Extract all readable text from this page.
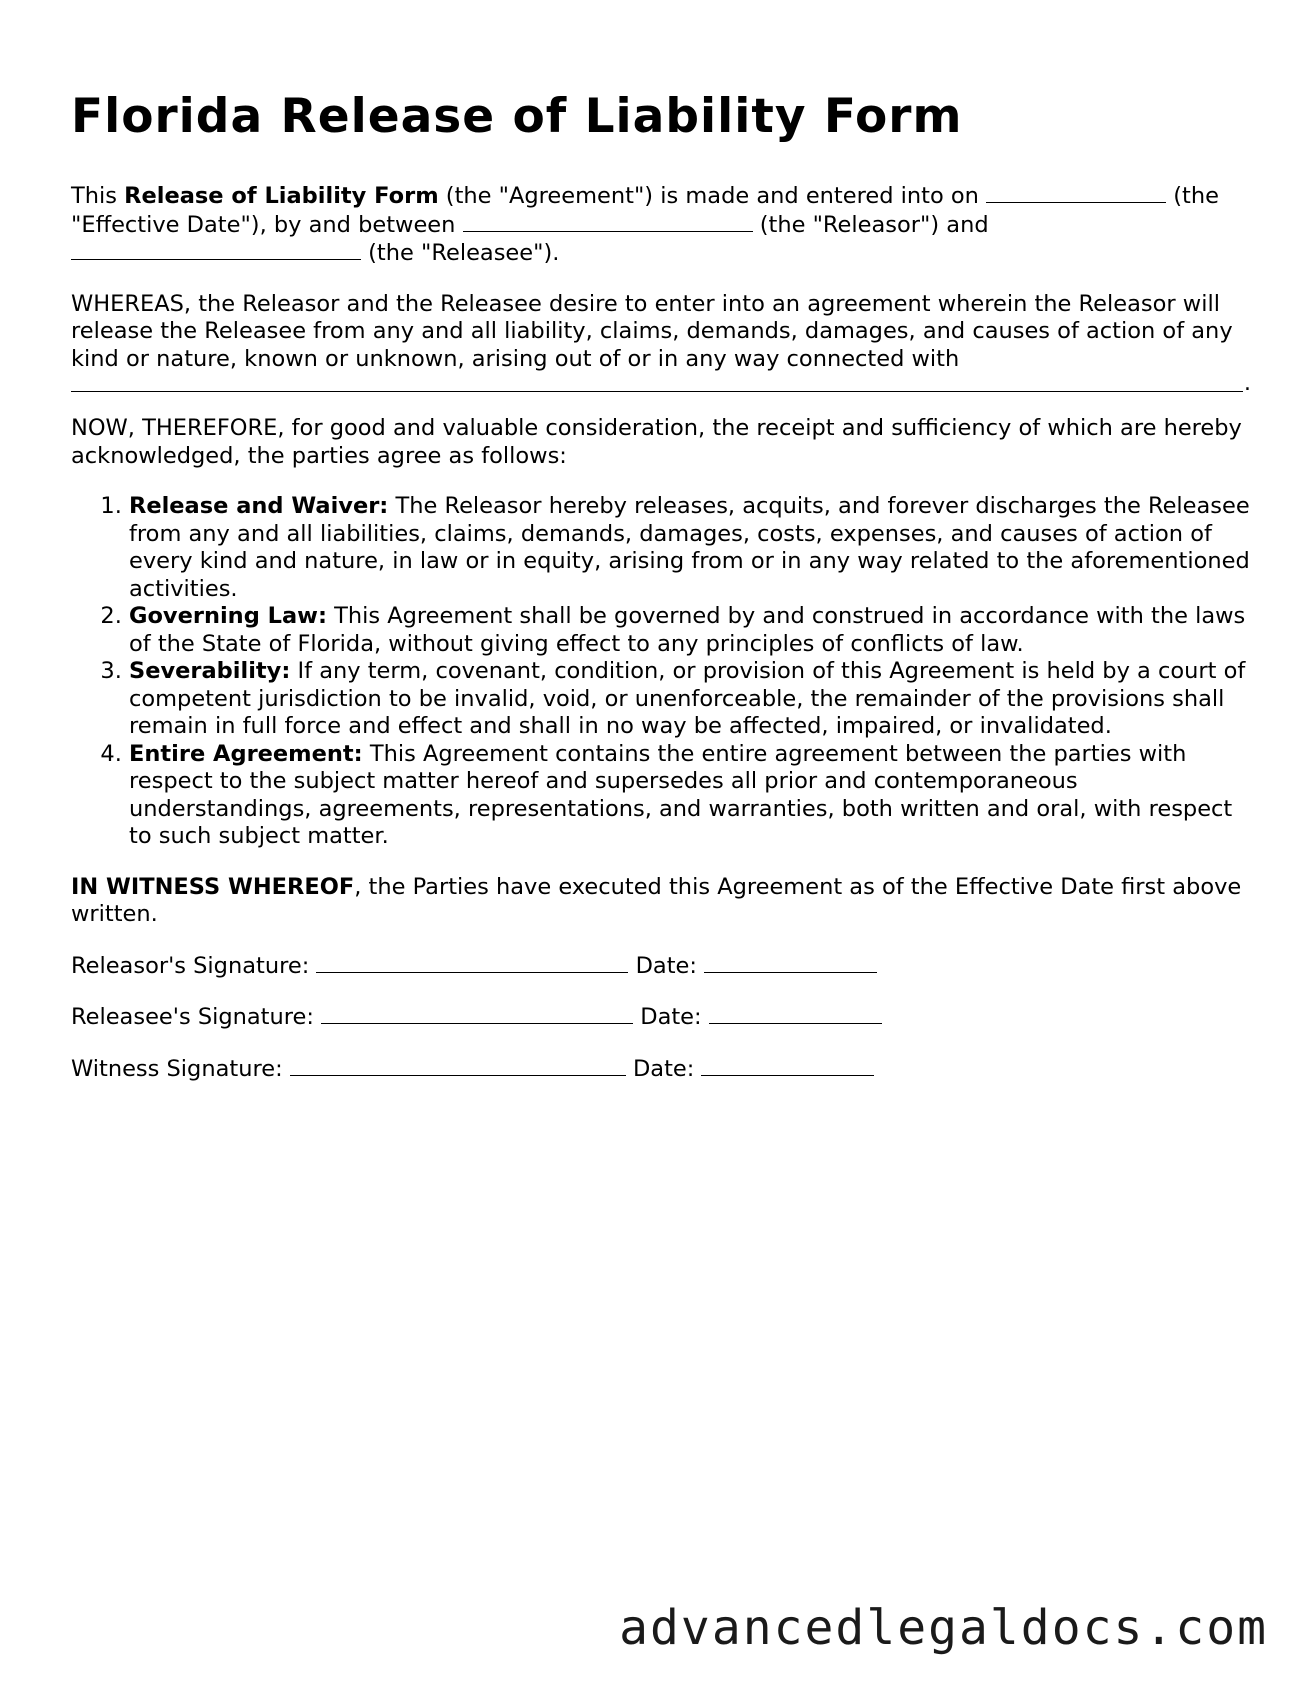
Florida Release of Liability Form

This Release of Liability Form (the "Agreement") is made and entered into on	(the "Effective Date"), by and between	(the "Releasor") and  (the "Releasee").

WHEREAS, the Releasor and the Releasee desire to enter into an agreement wherein the Releasor will release the Releasee from any and all liability, claims, demands, damages, and causes of action of any kind or nature, known or unknown, arising out of or in any way connected with
.

NOW, THEREFORE, for good and valuable consideration, the receipt and sufficiency of which are hereby acknowledged, the parties agree as follows:

1. Release and Waiver: The Releasor hereby releases, acquits, and forever discharges the Releasee from any and all liabilities, claims, demands, damages, costs, expenses, and causes of action of every kind and nature, in law or in equity, arising from or in any way related to the aforementioned activities.
2. Governing Law: This Agreement shall be governed by and construed in accordance with the laws of the State of Florida, without giving effect to any principles of conflicts of law.
3. Severability: If any term, covenant, condition, or provision of this Agreement is held by a court of competent jurisdiction to be invalid, void, or unenforceable, the remainder of the provisions shall remain in full force and effect and shall in no way be affected, impaired, or invalidated.
4. Entire Agreement: This Agreement contains the entire agreement between the parties with respect to the subject matter hereof and supersedes all prior and contemporaneous understandings, agreements, representations, and warranties, both written and oral, with respect to such subject matter.

IN WITNESS WHEREOF, the Parties have executed this Agreement as of the Effective Date first above written.

Releasor's Signature:	Date:

Releasee's Signature:	Date:

Witness Signature:	Date:

advancedlegaldocs.com
